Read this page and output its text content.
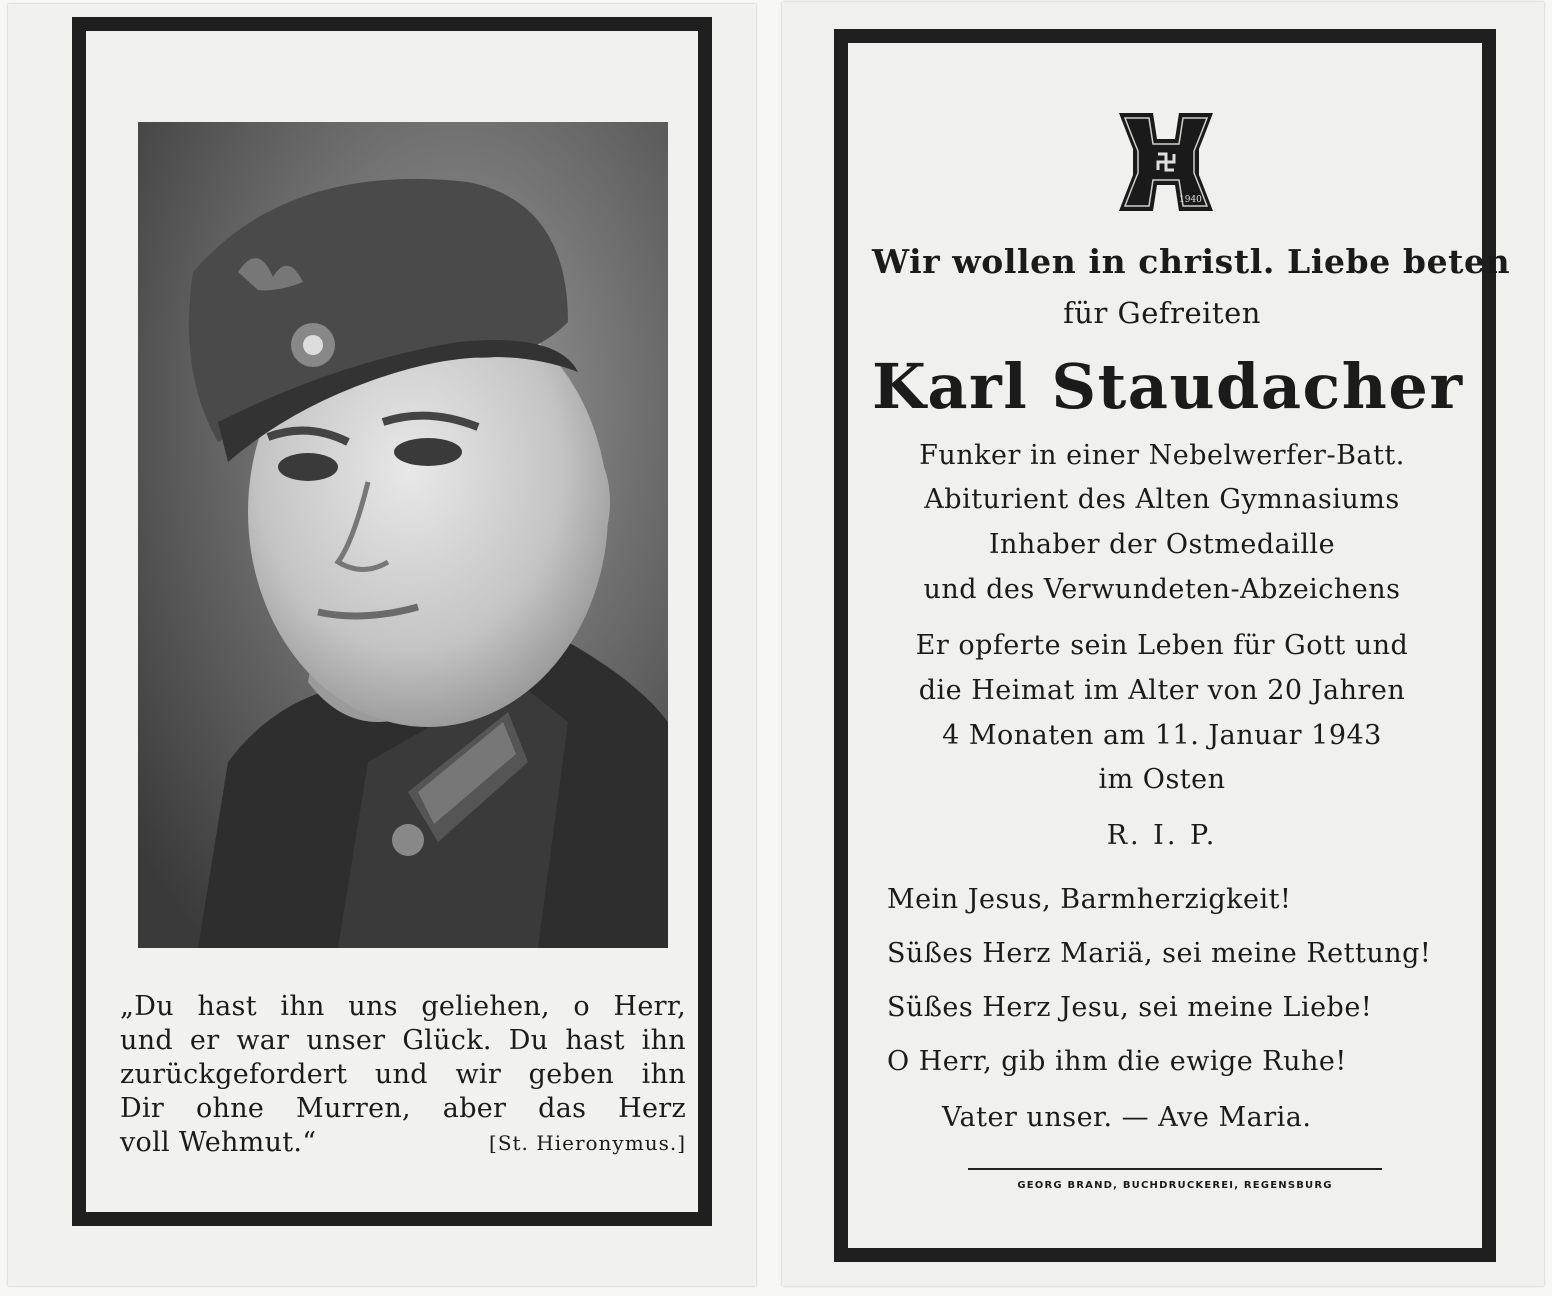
„Du hast ihn uns geliehen, o Herr,
und er war unser Glück. Du hast ihn
zurückgefordert und wir geben ihn
Dir ohne Murren, aber das Herz
voll Wehmut.“	[St. Hieronymus.]
1940
Wir wollen in christl. Liebe beten
für Gefreiten
Karl Staudacher
Funker in einer Nebelwerfer-Batt.
Abiturient des Alten Gymnasiums
Inhaber der Ostmedaille
und des Verwundeten-Abzeichens
Er opferte sein Leben für Gott und
die Heimat im Alter von 20 Jahren
4 Monaten am 11. Januar 1943
im Osten
R. I. P.
Mein Jesus, Barmherzigkeit!
Süßes Herz Mariä, sei meine Rettung!
Süßes Herz Jesu, sei meine Liebe!
O Herr, gib ihm die ewige Ruhe!
Vater unser. — Ave Maria.
GEORG BRAND, BUCHDRUCKEREI, REGENSBURG
